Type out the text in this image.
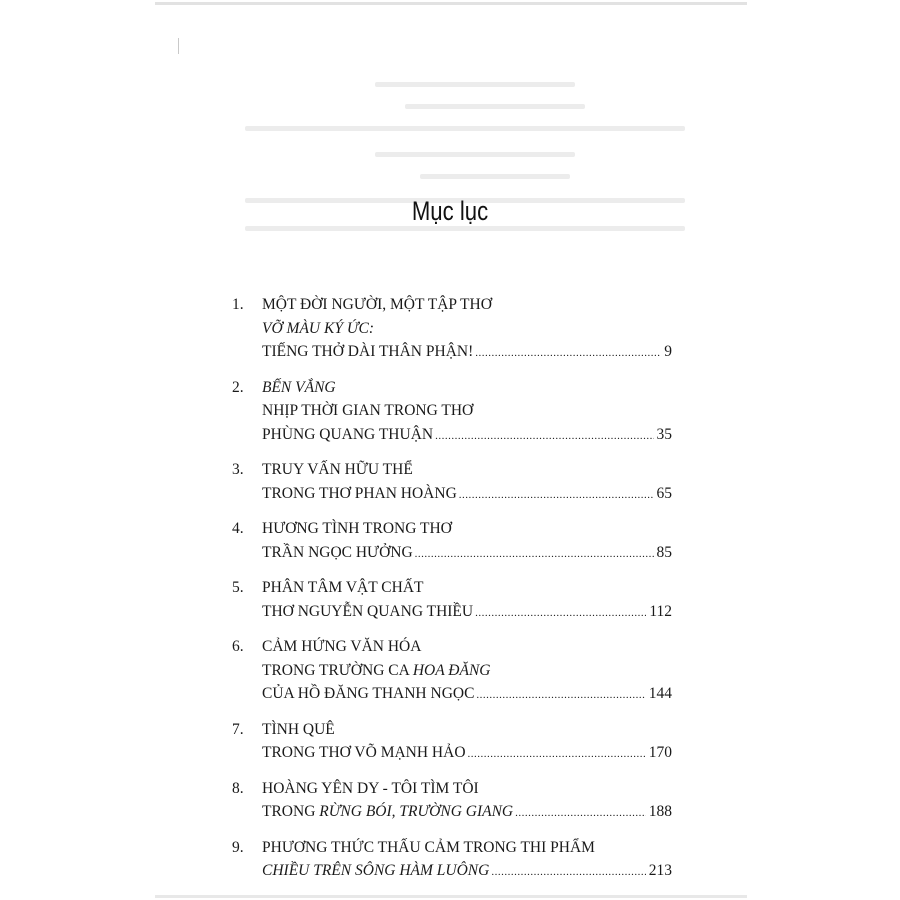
Mục lục
1.	MỘT ĐỜI NGƯỜI, MỘT TẬP THƠ
VỠ MÀU KÝ ỨC:
TIẾNG THỞ DÀI THÂN PHẬN! .....	9
2.	BẾN VẮNG
NHỊP THỜI GIAN TRONG THƠ
PHÙNG QUANG THUẬN .....	35
3.	TRUY VẤN HỮU THỂ
TRONG THƠ PHAN HOÀNG .....	65
4.	HƯƠNG TÌNH TRONG THƠ
TRẦN NGỌC HƯỞNG .....	85
5.	PHÂN TÂM VẬT CHẤT
THƠ NGUYỄN QUANG THIỀU .....	112
6.	CẢM HỨNG VĂN HÓA
TRONG TRƯỜNG CA HOA ĐĂNG
CỦA HỒ ĐĂNG THANH NGỌC .....	144
7.	TÌNH QUÊ
TRONG THƠ VÕ MẠNH HẢO .....	170
8.	HOÀNG YÊN DY - TÔI TÌM TÔI
TRONG RỪNG BÓI, TRƯỜNG GIANG .....	188
9.	PHƯƠNG THỨC THẤU CẢM TRONG THI PHẨM
CHIỀU TRÊN SÔNG HÀM LUÔNG .....	213
